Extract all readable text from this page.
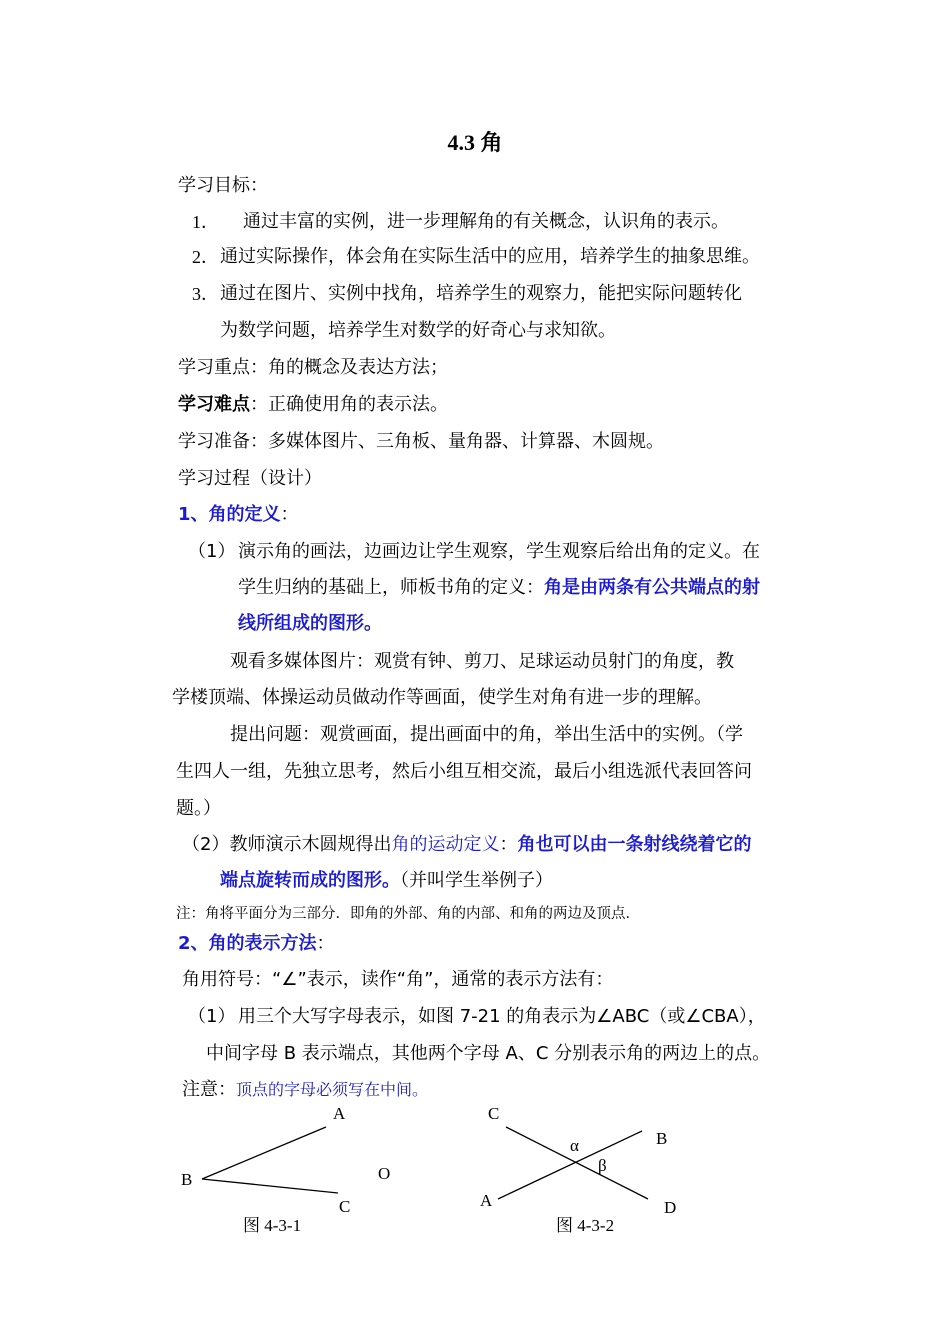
4.3 角
学习目标：
1． 通过丰富的实例，进一步理解角的有关概念，认识角的表示。
2． 通过实际操作，体会角在实际生活中的应用，培养学生的抽象思维。
3． 通过在图片、实例中找角，培养学生的观察力，能把实际问题转化
为数学问题，培养学生对数学的好奇心与求知欲。
学习重点：角的概念及表达方法；
学习难点：正确使用角的表示法。
学习准备：多媒体图片、三角板、量角器、计算器、木圆规。
学习过程（设计）
1、角的定义：
（1） 演示角的画法，边画边让学生观察，学生观察后给出角的定义。在
学生归纳的基础上，师板书角的定义：角是由两条有公共端点的射
线所组成的图形。
观看多媒体图片：观赏有钟、剪刀、足球运动员射门的角度，教
学楼顶端、体操运动员做动作等画面，使学生对角有进一步的理解。
提出问题：观赏画面，提出画面中的角，举出生活中的实例。（学
生四人一组，先独立思考，然后小组互相交流，最后小组选派代表回答问
题。）
（2）教师演示木圆规得出角的运动定义：角也可以由一条射线绕着它的
端点旋转而成的图形。（并叫学生举例子）
注：角将平面分为三部分．即角的外部、角的内部、和角的两边及顶点．
2、角的表示方法：
角用符号：“∠”表示，读作“角”，通常的表示方法有：
（1） 用三个大写字母表示，如图 7-21 的角表示为∠ABC（或∠CBA），
中间字母 B 表示端点，其他两个字母 A、C 分别表示角的两边上的点。
注意：顶点的字母必须写在中间。
A
B
C
O
图 4-3-1
C
B
A	D
α
β
图 4-3-2
